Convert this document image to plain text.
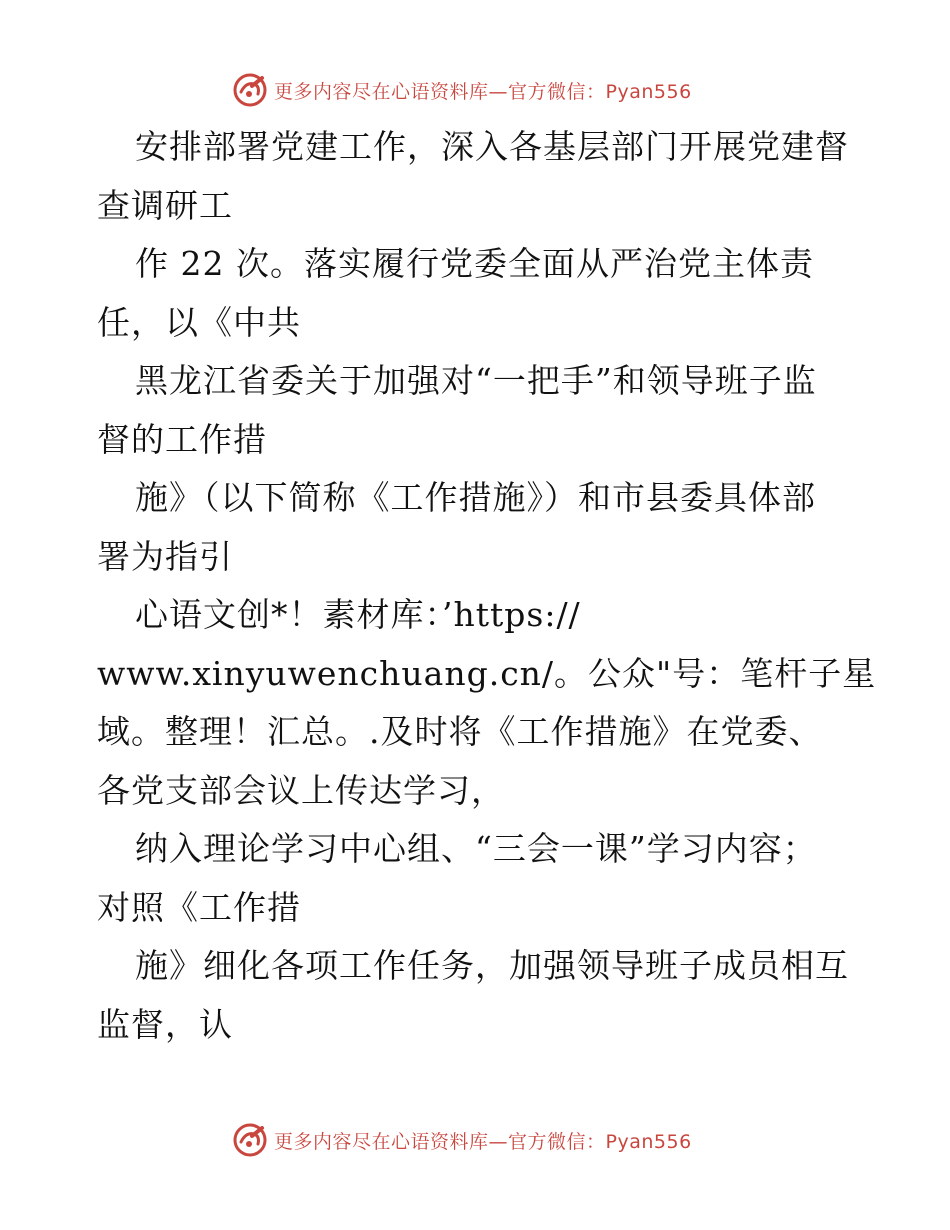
更多内容尽在心语资料库—官方微信：Pyan556
安排部署党建工作，深入各基层部门开展党建督
查调研工
作 22 次。落实履行党委全面从严治党主体责
任，以《中共
黑龙江省委关于加强对“一把手”和领导班子监
督的工作措
施》（以下简称《工作措施》）和市县委具体部
署为指引
心语文创*！素材库：’https://
www.xinyuwenchuang.cn/。公众"号：笔杆子星
域。整理！汇总。.及时将《工作措施》在党委、
各党支部会议上传达学习，
纳入理论学习中心组、“三会一课”学习内容；
对照《工作措
施》细化各项工作任务，加强领导班子成员相互
监督，认
更多内容尽在心语资料库—官方微信：Pyan556
